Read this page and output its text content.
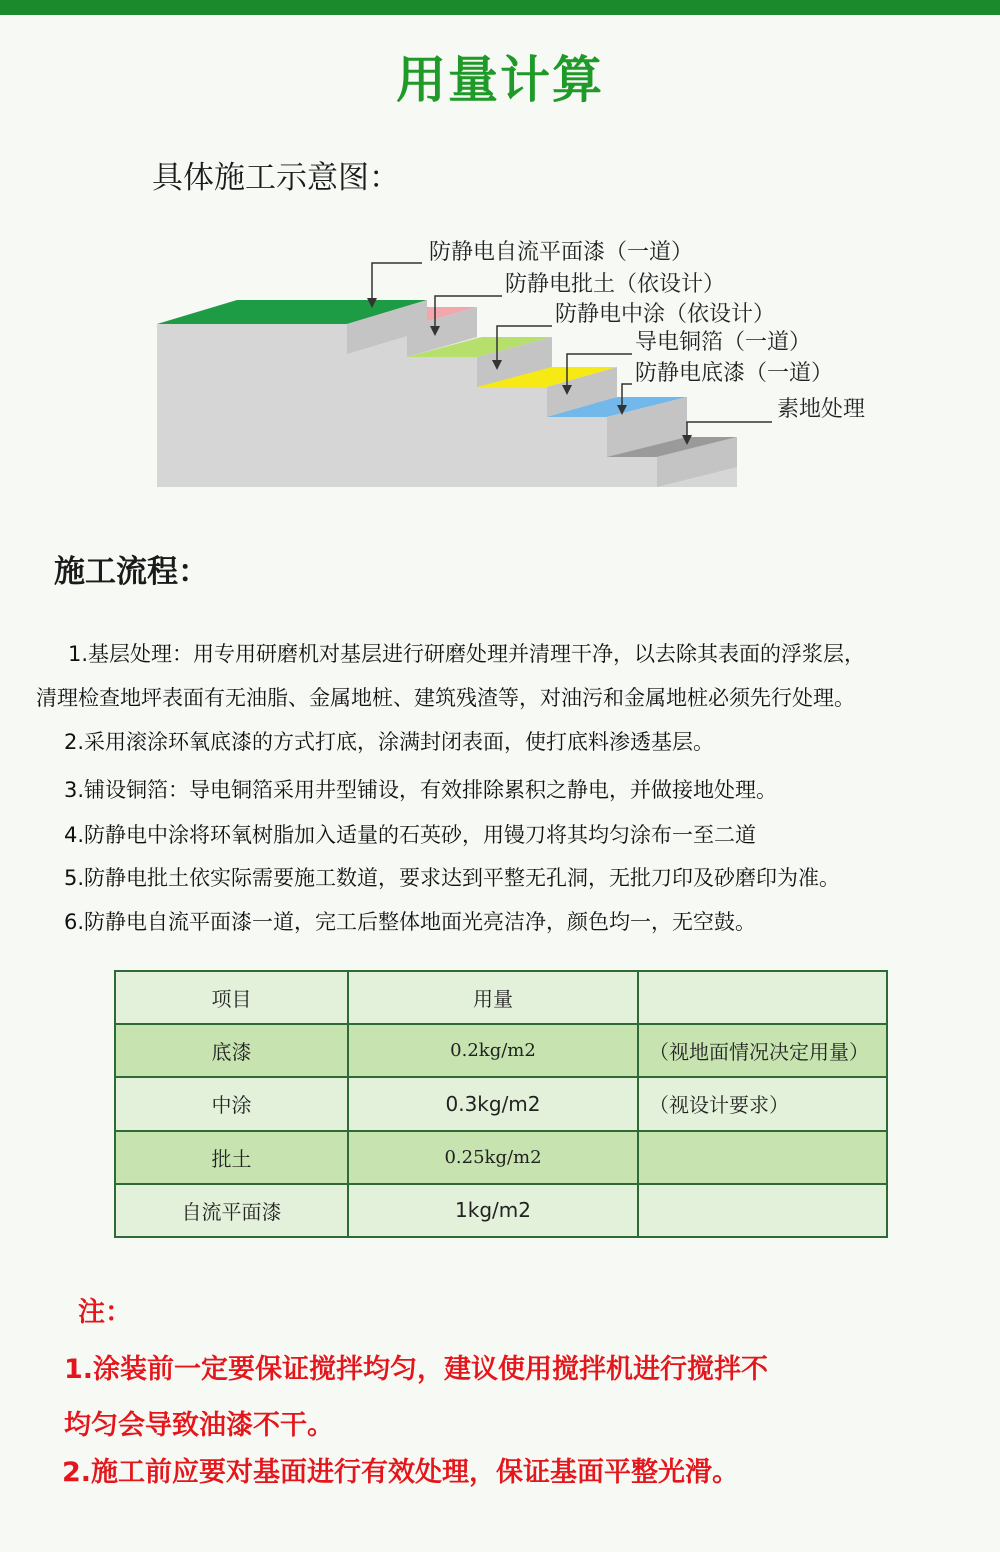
用量计算
具体施工示意图：
防静电自流平面漆（一道）
防静电批土（依设计）
防静电中涂（依设计）
导电铜箔（一道）
防静电底漆（一道）
素地处理
施工流程：
1.基层处理：用专用研磨机对基层进行研磨处理并清理干净，以去除其表面的浮浆层，
清理检查地坪表面有无油脂、金属地桩、建筑残渣等，对油污和金属地桩必须先行处理。
2.采用滚涂环氧底漆的方式打底，涂满封闭表面，使打底料渗透基层。
3.铺设铜箔：导电铜箔采用井型铺设，有效排除累积之静电，并做接地处理。
4.防静电中涂将环氧树脂加入适量的石英砂，用镘刀将其均匀涂布一至二道
5.防静电批土依实际需要施工数道，要求达到平整无孔洞，无批刀印及砂磨印为准。
6.防静电自流平面漆一道，完工后整体地面光亮洁净，颜色均一，无空鼓。
项目	用量	
底漆	0.2kg/m2	（视地面情况决定用量）
中涂	0.3kg/m2	（视设计要求）
批土	0.25kg/m2	
自流平面漆	1kg/m2	
注：
1.涂装前一定要保证搅拌均匀，建议使用搅拌机进行搅拌不
均匀会导致油漆不干。
2.施工前应要对基面进行有效处理，保证基面平整光滑。
